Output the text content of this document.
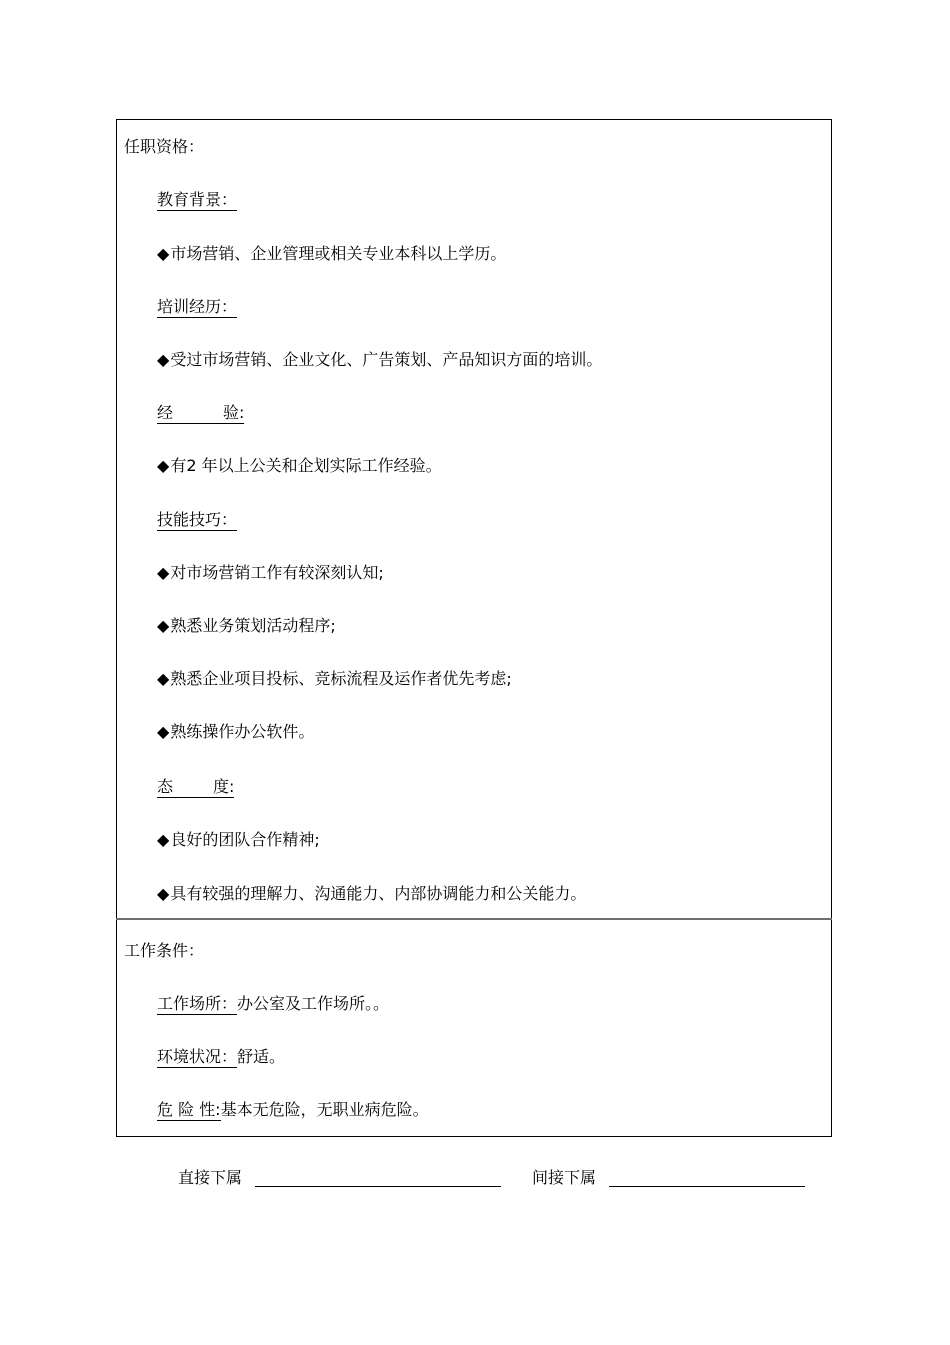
任职资格：
教育背景：
◆市场营销、企业管理或相关专业本科以上学历。
培训经历：
◆受过市场营销、企业文化、广告策划、产品知识方面的培训。
经	验:
◆有2 年以上公关和企划实际工作经验。
技能技巧：
◆对市场营销工作有较深刻认知;
◆熟悉业务策划活动程序;
◆熟悉企业项目投标、竞标流程及运作者优先考虑;
◆熟练操作办公软件。
态	度:
◆良好的团队合作精神;
◆具有较强的理解力、沟通能力、内部协调能力和公关能力。
工作条件：
工作场所：办公室及工作场所。。
环境状况：舒适。
危 险 性:基本无危险，无职业病危险。
直接下属	间接下属
